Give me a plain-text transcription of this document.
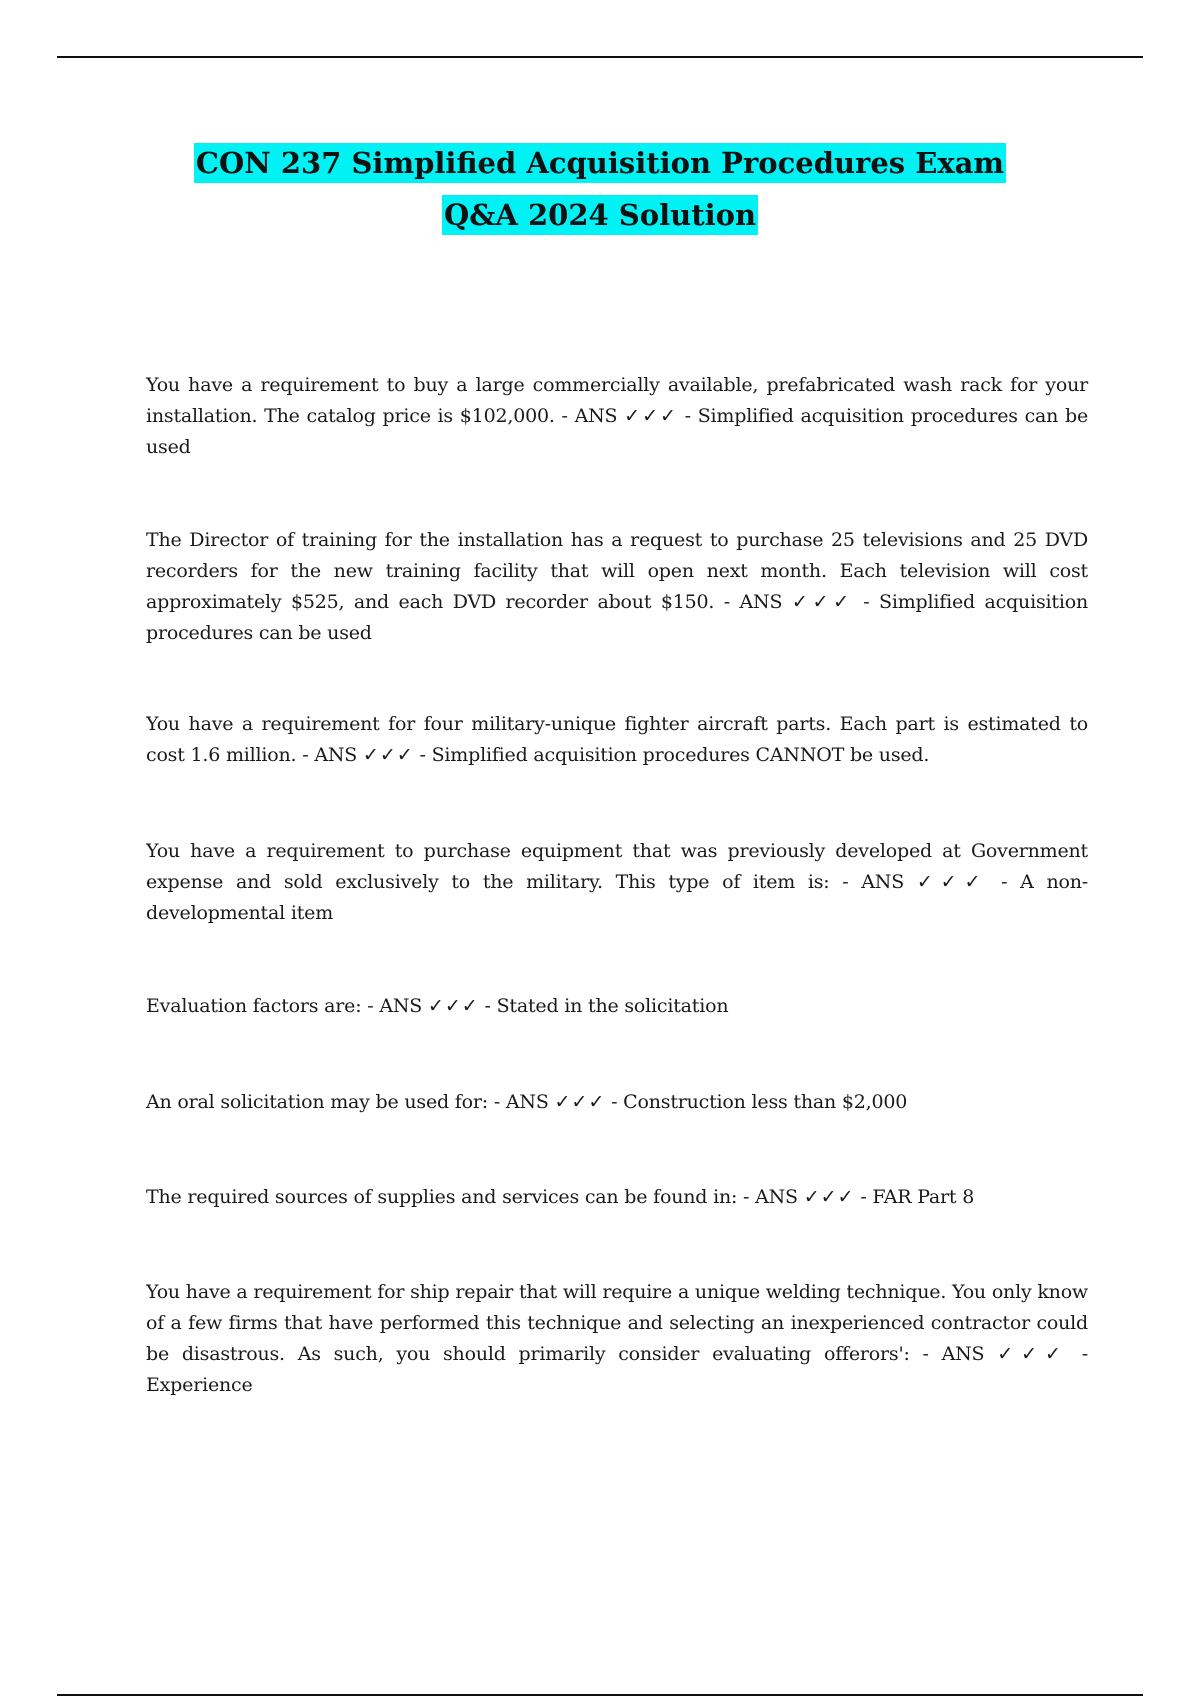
CON 237 Simplified Acquisition Procedures Exam
Q&A 2024 Solution

You have a requirement to buy a large commercially available, prefabricated wash rack for your installation. The catalog price is $102,000. - ANS ✓✓✓ - Simplified acquisition procedures can be used

The Director of training for the installation has a request to purchase 25 televisions and 25 DVD recorders for the new training facility that will open next month. Each television will cost approximately $525, and each DVD recorder about $150. - ANS ✓✓✓ - Simplified acquisition procedures can be used

You have a requirement for four military-unique fighter aircraft parts. Each part is estimated to cost 1.6 million. - ANS ✓✓✓ - Simplified acquisition procedures CANNOT be used.

You have a requirement to purchase equipment that was previously developed at Government expense and sold exclusively to the military. This type of item is: - ANS ✓✓✓ - A non-developmental item

Evaluation factors are: - ANS ✓✓✓ - Stated in the solicitation

An oral solicitation may be used for: - ANS ✓✓✓ - Construction less than $2,000

The required sources of supplies and services can be found in: - ANS ✓✓✓ - FAR Part 8

You have a requirement for ship repair that will require a unique welding technique. You only know of a few firms that have performed this technique and selecting an inexperienced contractor could be disastrous. As such, you should primarily consider evaluating offerors': - ANS ✓✓✓ - Experience
